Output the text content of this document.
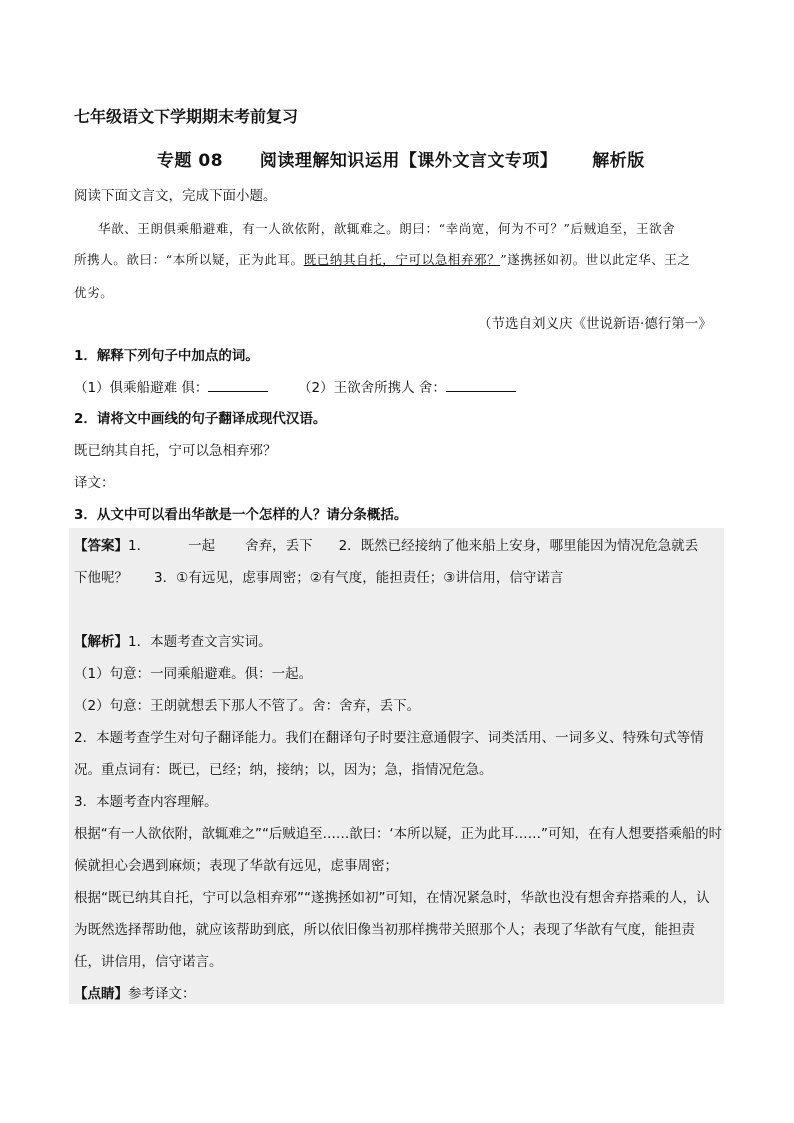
七年级语文下学期期末考前复习
专题 08 阅读理解知识运用【课外文言文专项】 解析版
阅读下面文言文，完成下面小题。
华歆、王朗俱乘船避难，有一人欲依附，歆辄难之。朗曰：“幸尚宽，何为不可？”后贼追至，王欲舍
所携人。歆曰：“本所以疑，正为此耳。既已纳其自托，宁可以急相弃邪？”遂携拯如初。世以此定华、王之
优劣。
（节选自刘义庆《世说新语·德行第一》
1．解释下列句子中加点的词。
（1）俱乘船避难 俱：	（2）王欲舍所携人 舍：
2．请将文中画线的句子翻译成现代汉语。
既已纳其自托，宁可以急相弃邪？
译文：
3．从文中可以看出华歆是一个怎样的人？请分条概括。
【答案】1．	一起 舍弃，丢下 2．既然已经接纳了他来船上安身，哪里能因为情况危急就丢
下他呢？ 3．①有远见，虑事周密；②有气度，能担责任；③讲信用，信守诺言
【解析】1．本题考查文言实词。
（1）句意：一同乘船避难。俱：一起。
（2）句意：王朗就想丢下那人不管了。舍：舍弃，丢下。
2．本题考查学生对句子翻译能力。我们在翻译句子时要注意通假字、词类活用、一词多义、特殊句式等情
况。重点词有：既已，已经；纳，接纳；以，因为；急，指情况危急。
3．本题考查内容理解。
根据“有一人欲依附，歆辄难之”“后贼追至……歆曰：‘本所以疑，正为此耳……”可知，在有人想要搭乘船的时
候就担心会遇到麻烦；表现了华歆有远见，虑事周密；
根据“既已纳其自托，宁可以急相弃邪”“遂携拯如初”可知，在情况紧急时，华歆也没有想舍弃搭乘的人，认
为既然选择帮助他，就应该帮助到底，所以依旧像当初那样携带关照那个人；表现了华歆有气度，能担责
任，讲信用，信守诺言。
【点睛】参考译文：
